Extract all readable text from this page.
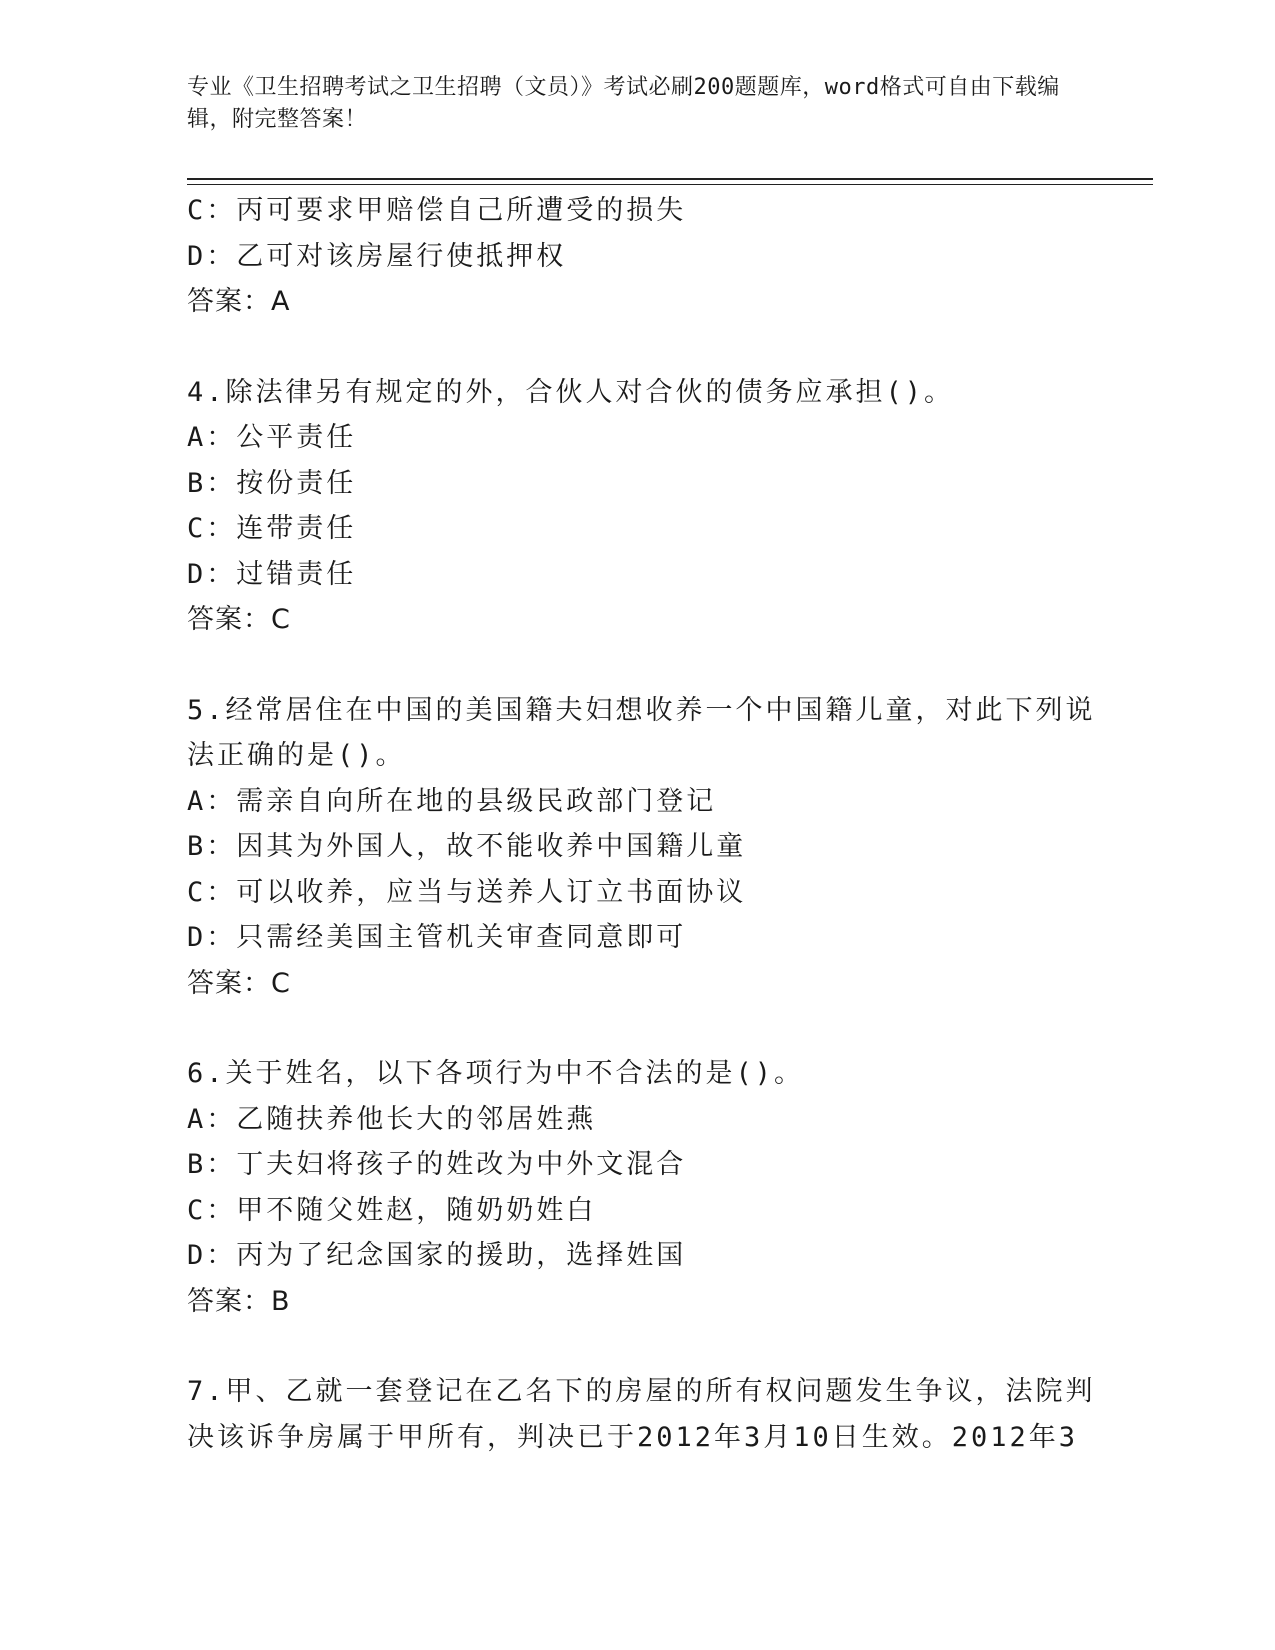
专业《卫生招聘考试之卫生招聘（文员）》考试必刷200题题库，word格式可自由下载编辑，附完整答案！
C：丙可要求甲赔偿自己所遭受的损失
D：乙可对该房屋行使抵押权
答案：A
4.除法律另有规定的外，合伙人对合伙的债务应承担()。
A：公平责任
B：按份责任
C：连带责任
D：过错责任
答案：C
5.经常居住在中国的美国籍夫妇想收养一个中国籍儿童，对此下列说
法正确的是()。
A：需亲自向所在地的县级民政部门登记
B：因其为外国人，故不能收养中国籍儿童
C：可以收养，应当与送养人订立书面协议
D：只需经美国主管机关审查同意即可
答案：C
6.关于姓名，以下各项行为中不合法的是()。
A：乙随扶养他长大的邻居姓燕
B：丁夫妇将孩子的姓改为中外文混合
C：甲不随父姓赵，随奶奶姓白
D：丙为了纪念国家的援助，选择姓国
答案：B
7.甲、乙就一套登记在乙名下的房屋的所有权问题发生争议，法院判
决该诉争房属于甲所有，判决已于2012年3月10日生效。2012年3
